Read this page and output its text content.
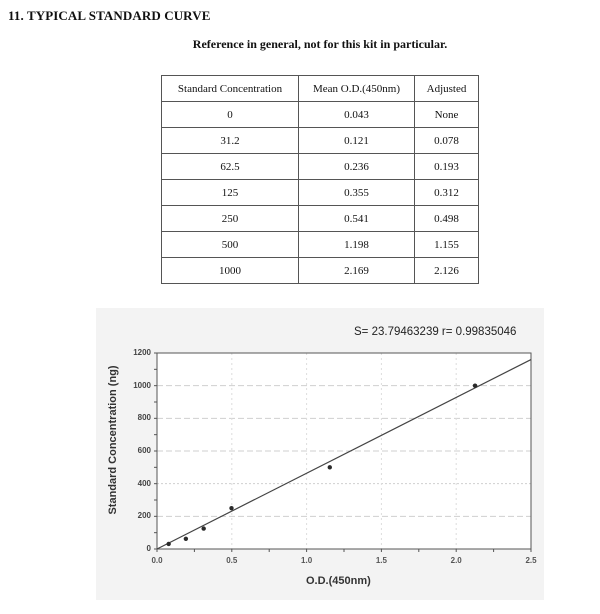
11. TYPICAL STANDARD CURVE
Reference in general, not for this kit in particular.
Standard Concentration	Mean O.D.(450nm)	Adjusted
0	0.043	None
31.2	0.121	0.078
62.5	0.236	0.193
125	0.355	0.312
250	0.541	0.498
500	1.198	1.155
1000	2.169	2.126
S= 23.79463239 r= 0.99835046
Standard Concentration (ng)
O.D.(450nm)
0
200
400
600
800
1000
1200
0.0	0.5	1.0	1.5	2.0	2.5
